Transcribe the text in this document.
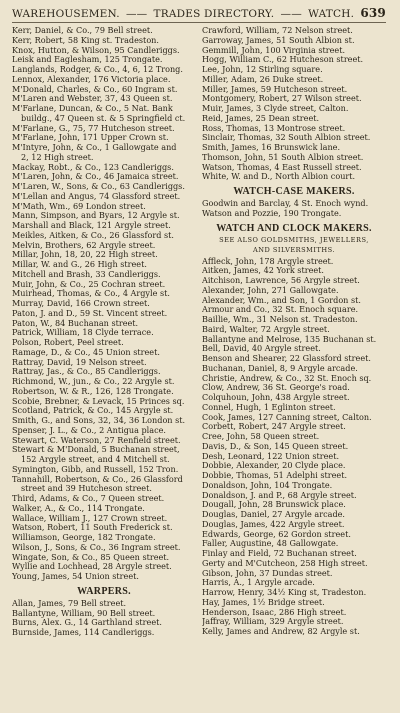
WAREHOUSEMEN. —— TRADES DIRECTORY. —— WATCH. 639
Kerr, Daniel, & Co., 79 Bell street.
Kerr, Robert, 58 King st. Tradeston.
Knox, Hutton, & Wilson, 95 Candleriggs.
Leisk and Eaglesham, 125 Trongate.
Langlands, Rodger, & Co., 4, 6, 12 Trong.
Lennox, Alexander, 176 Victoria place.
M'Donald, Charles, & Co., 60 Ingram st.
M'Laren and Webster, 37, 43 Queen st.
M'Farlane, Duncan, & Co., 5 Nat. Bank
buildg., 47 Queen st. & 5 Springfield ct.
M'Farlane, G., 75, 77 Hutcheson street.
M'Farlane, John, 171 Upper Crown st.
M'Intyre, John, & Co., 1 Gallowgate and
2, 12 High street.
Mackay, Robt., & Co., 123 Candleriggs.
M'Laren, John, & Co., 46 Jamaica street.
M'Laren, W., Sons, & Co., 63 Candleriggs.
M'Lellan and Angus, 74 Glassford street.
M'Math, Wm., 69 London street.
Mann, Simpson, and Byars, 12 Argyle st.
Marshall and Black, 121 Argyle street.
Meikles, Aitken, & Co., 26 Glassford st.
Melvin, Brothers, 62 Argyle street.
Millar, John, 18, 20, 22 High street.
Millar, W. and G., 26 High street.
Mitchell and Brash, 33 Candleriggs.
Muir, John, & Co., 25 Cochran street.
Muirhead, Thomas, & Co., 4 Argyle st.
Murray, David, 166 Crown street.
Paton, J. and D., 59 St. Vincent street.
Paton, W., 84 Buchanan street.
Patrick, William, 18 Clyde terrace.
Polson, Robert, Peel street.
Ramage, D., & Co., 45 Union street.
Rattray, David, 19 Nelson street.
Rattray, Jas., & Co., 85 Candleriggs.
Richmond, W., jun., & Co., 22 Argyle st.
Robertson, W. & R., 126, 128 Trongate.
Scobie, Brebner, & Levack, 15 Princes sq.
Scotland, Patrick, & Co., 145 Argyle st.
Smith, G., and Sons, 32, 34, 36 London st.
Spenser, J. L., & Co., 2 Antigua place.
Stewart, C. Waterson, 27 Renfield street.
Stewart & M'Donald, 5 Buchanan street,
152 Argyle street, and 4 Mitchell st.
Symington, Gibb, and Russell, 152 Tron.
Tannahill, Robertson, & Co., 26 Glassford
street and 39 Hutcheson street.
Third, Adams, & Co., 7 Queen street.
Walker, A., & Co., 114 Trongate.
Wallace, William J., 127 Crown street.
Watson, Robert, 11 South Frederick st.
Williamson, George, 182 Trongate.
Wilson, J., Sons, & Co., 36 Ingram street.
Wingate, Son, & Co., 85 Queen street.
Wyllie and Lochhead, 28 Argyle street.
Young, James, 54 Union street.
WARPERS.
Allan, James, 79 Bell street.
Ballantyne, William, 90 Bell street.
Burns, Alex. G., 14 Garthland street.
Burnside, James, 114 Candleriggs.
Crawford, William, 72 Nelson street.
Garroway, James, 51 South Albion st.
Gemmill, John, 100 Virginia street.
Hogg, William C., 62 Hutcheson street.
Lee, John, 12 Stirling square.
Miller, Adam, 26 Duke street.
Miller, James, 59 Hutcheson street.
Montgomery, Robert, 27 Wilson street.
Muir, James, 3 Clyde street, Calton.
Reid, James, 25 Dean street.
Ross, Thomas, 13 Montrose street.
Sinclair, Thomas, 32 South Albion street.
Smith, James, 16 Brunswick lane.
Thomson, John, 51 South Albion street.
Watson, Thomas, 4 East Russell street.
White, W. and D., North Albion court.
WATCH-CASE MAKERS.
Goodwin and Barclay, 4 St. Enoch wynd.
Watson and Pozzie, 190 Trongate.
WATCH AND CLOCK MAKERS.
SEE ALSO GOLDSMITHS, JEWELLERS,
AND SILVERSMITHS.
Affleck, John, 178 Argyle street.
Aitken, James, 42 York street.
Aitchison, Lawrence, 56 Argyle street.
Alexander, John, 271 Gallowgate.
Alexander, Wm., and Son, 1 Gordon st.
Armour and Co., 32 St. Enoch square.
Baillie, Wm., 31 Nelson st. Tradeston.
Baird, Walter, 72 Argyle street.
Ballantyne and Melrose, 135 Buchanan st.
Bell, David, 40 Argyle street.
Benson and Shearer, 22 Glassford street.
Buchanan, Daniel, 8, 9 Argyle arcade.
Christie, Andrew, & Co., 32 St. Enoch sq.
Clow, Andrew, 36 St. George's road.
Colquhoun, John, 438 Argyle street.
Connel, Hugh, 1 Eglinton street.
Cook, James, 127 Canning street, Calton.
Corbett, Robert, 247 Argyle street.
Cree, John, 58 Queen street.
Davis, D., & Son, 145 Queen street.
Desh, Leonard, 122 Union street.
Dobbie, Alexander, 20 Clyde place.
Dobbie, Thomas, 51 Adelphi street.
Donaldson, John, 104 Trongate.
Donaldson, J. and P., 68 Argyle street.
Dougall, John, 28 Brunswick place.
Douglas, Daniel, 27 Argyle arcade.
Douglas, James, 422 Argyle street.
Edwards, George, 62 Gordon street.
Faller, Augustine, 48 Gallowgate.
Finlay and Field, 72 Buchanan street.
Gerty and M'Cutcheon, 258 High street.
Gibson, John, 37 Dundas street.
Harris, A., 1 Argyle arcade.
Harrow, Henry, 34½ King st, Tradeston.
Hay, James, 1½ Bridge street.
Henderson, Isaac, 286 High street.
Jaffray, William, 329 Argyle street.
Kelly, James and Andrew, 82 Argyle st.
